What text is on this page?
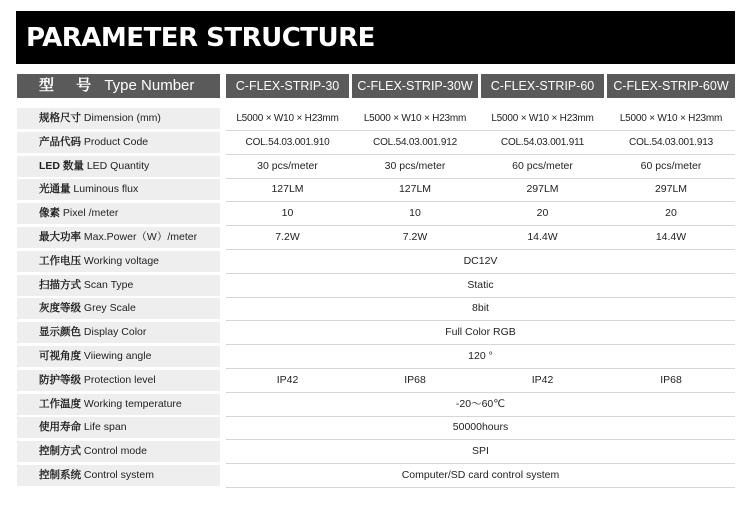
PARAMETER STRUCTURE
型 号 Type Number	C-FLEX-STRIP-30	C-FLEX-STRIP-30W	C-FLEX-STRIP-60	C-FLEX-STRIP-60W
规格尺寸 Dimension (mm)	L5000 × W10 × H23mm	L5000 × W10 × H23mm	L5000 × W10 × H23mm	L5000 × W10 × H23mm
产品代码 Product Code	COL.54.03.001.910	COL.54.03.001.912	COL.54.03.001.911	COL.54.03.001.913
LED 数量 LED Quantity	30 pcs/meter	30 pcs/meter	60 pcs/meter	60 pcs/meter
光通量 Luminous flux	127LM	127LM	297LM	297LM
像素 Pixel /meter	10	10	20	20
最大功率 Max.Power（W）/meter	7.2W	7.2W	14.4W	14.4W
工作电压 Working voltage	DC12V
扫描方式 Scan Type	Static
灰度等级 Grey Scale	8bit
显示颜色 Display Color	Full Color RGB
可视角度 Viiewing angle	120 °
防护等级 Protection level	IP42	IP68	IP42	IP68
工作温度 Working temperature	-20～60℃
使用寿命 Life span	50000hours
控制方式 Control mode	SPI
控制系统 Control system	Computer/SD card control system
